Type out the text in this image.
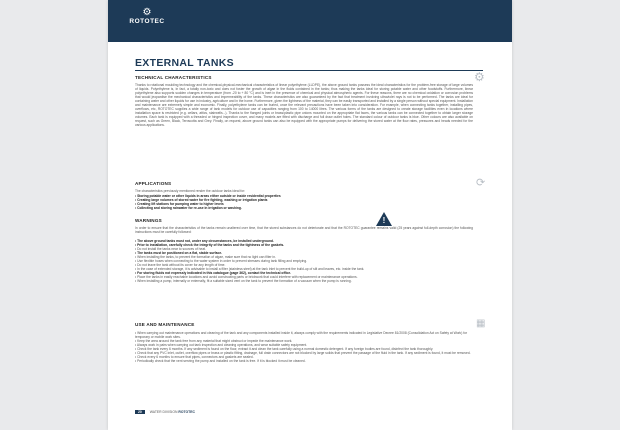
⚙
ROTOTEC
EXTERNAL TANKS
TECHNICAL CHARACTERISTICS	⚙

Thanks to rotational moulding technology and the chemical-physical-mechanical characteristics of linear polyethylene (LLDPE), the above ground tanks possess the ideal characteristics for the problem-free storage of large volumes of liquids. Polyethylene is, in fact, a totally non-toxic and does not foster the growth of algae in the fluids contained in the tanks; thus making the tanks ideal for storing potable water and other foodstuffs. Furthermore, linear polyethylene also supports sudden changes in temperature (from -20 to + 80 °C) and is inert in the presence of chemical and physical atmospheric agents. For these reasons, there are no chemical oxidation or corrosion problems that would jeopardise the mechanical characteristics and impermeability of the tanks. These characteristics are also guaranteed by the fact that treatment involving ultraviolet rays is not to be performed. The tanks are ideal for containing water and other liquids for use in industry, agriculture and in the home. Furthermore, given the lightness of the material, they can be easily transported and installed by a single person without special equipment. Installation and maintenance are extremely simple and economic. Finally, polyethylene tanks can be buried, once the relevant precautions have been taken into consideration. For example, when connecting tanks together, installing pipes, overflows, etc, ROTOTEC supplies a wide range of tank models for outdoor use of capacities ranging from 100 to 14000 litres. The various forms of the tanks are designed to create storage facilities even in locations where installation space is restricted (e.g. cellars, attics, stairwells...). Thanks to the flanged joints or brass/plastic pipe unions mounted on the appropriate flat faces, the various tanks can be connected together to obtain larger storage volumes. Each tank is equipped with a threaded or hinged inspection cover, and many models are fitted with discharge and full draw outlet holes. The standard colour of outdoor tanks is blue. Other colours are also available on request, such as Green, Black, Terracotta and Grey. Finally, on request, above ground tanks can also be equipped with the appropriate pumps for delivering the stored water at the flow rates, pressures and heads needed for the various applications.

APPLICATIONS	⟳

The characteristics previously mentioned render the outdoor tanks ideal for:

• Storing potable water or other liquids in areas either outside or inside residential properties
• Creating large volumes of stored water for fire fighting, washing or irrigation plants
• Creating lift stations for pumping water to higher levels
• Collecting and storing rainwater for re-use in irrigation or washing.
WARNINGS	!

In order to ensure that the characteristics of the tanks remain unaltered over time, that the stored substances do not deteriorate and that the ROTOTEC guarantee remains valid (25 years against full-depth corrosion) the following instructions must be carefully followed:

• The above ground tanks must not, under any circumstances, be installed underground.
• Prior to installation, carefully check the integrity of the tanks and the tightness of the gaskets.
• Do not install the tanks near to sources of heat.
• The tanks must be positioned on a flat, stable surface.
• When installing the tanks, to prevent the formation of algae, make sure that no light can filter in.
• Use flexible hoses when connecting to the water system in order to prevent stresses during tank filling and emptying.
• Do not leave the tank without its cover for any length of time.
• In the case of extended storage, it is advisable to install a filter (stainless steel) at the tank inlet to prevent the build-up of silt and leaves, etc. inside the tank.
• For storing fluids not expressly indicated in this catalogue (page 362), contact the technical office.
• Place the tanks in easily reachable locations and avoid constructing parts or brickwork that could interfere with replacement or maintenance operations.
• When installing a pump, internally or externally, fit a suitable sized vent on the tank to prevent the formation of a vacuum when the pump is running.
USE AND MAINTENANCE	▦
• When carrying out maintenance operations and cleaning of the tank and any components installed inside it, always comply with the requirements indicated in Legislative Decree 81/2008 (Consolidation Act on Safety at Work) for temporary or mobile work sites.
• Keep the area around the tank free from any material that might obstruct or impede the maintenance work.
• Always work in pairs when carrying out tank inspection and cleaning operations, and wear suitable safety equipment.
• Check the tank every 6 months. If any sediment is found on the floor, extract it and clean the tank carefully using a normal domestic detergent. If any foreign bodies are found, disinfect the tank thoroughly.
• Check that any PVC inlet, outlet, overflow pipes or brass or plastic fitting, drainage, full drain connectors are not blocked by large solids that prevent the passage of the fluid in the tank. If any sediment is found, it must be removed.
• Check every 6 months to ensure that pipes, connectors and gaskets are sealed.
• Periodically check that the vent serving the pump and installed on the tank is free. If it is blocked it must be cleaned.
20 WATER DIVISION ROTOTEC
